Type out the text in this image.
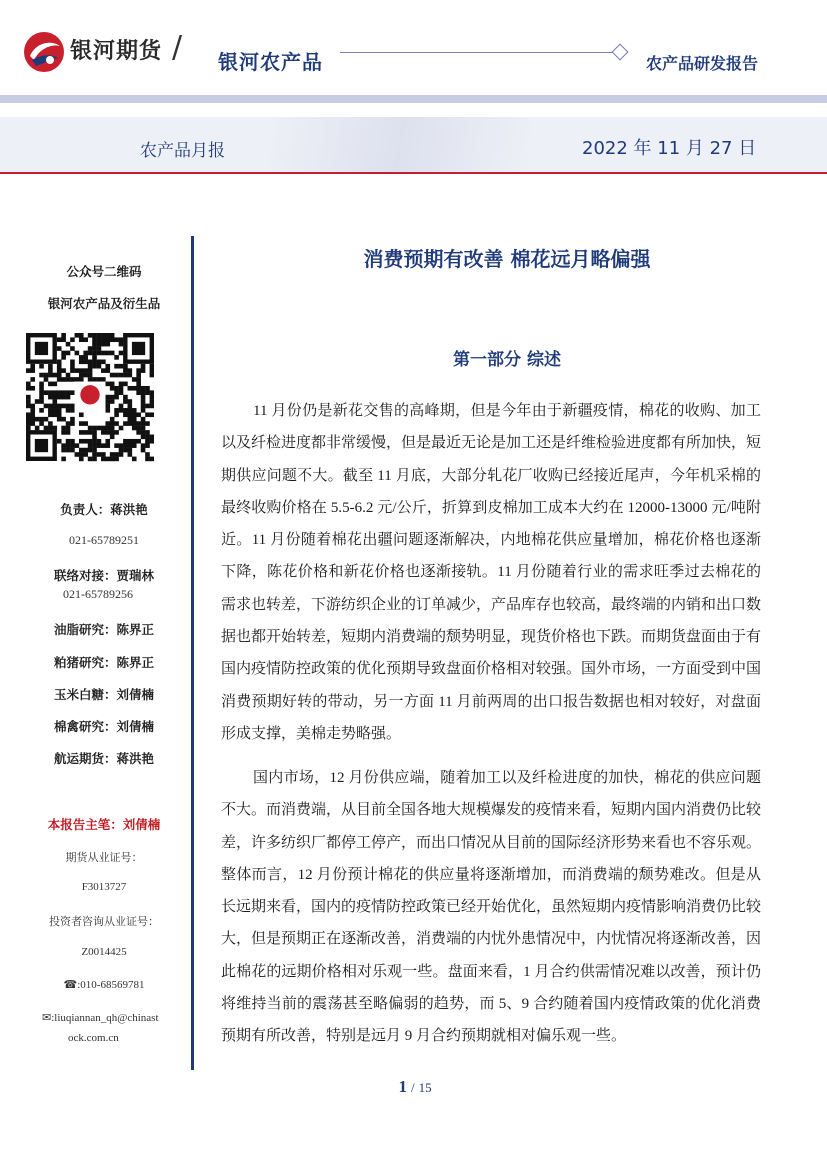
银河期货 / 银河农产品	农产品研发报告
农产品月报	2022 年 11 月 27 日
公众号二维码
银河农产品及衍生品
负责人：蒋洪艳
021-65789251
联络对接：贾瑞林
021-65789256
油脂研究：陈界正
粕猪研究：陈界正
玉米白糖：刘倩楠
棉禽研究：刘倩楠
航运期货：蒋洪艳
本报告主笔：刘倩楠
期货从业证号：
F3013727
投资者咨询从业证号：
Z0014425
☎:010-68569781
✉:liuqiannan_qh@chinast
ock.com.cn
消费预期有改善 棉花远月略偏强
第一部分 综述
11 月份仍是新花交售的高峰期，但是今年由于新疆疫情，棉花的收购、加工以及纤检进度都非常缓慢，但是最近无论是加工还是纤维检验进度都有所加快，短期供应问题不大。截至 11 月底，大部分轧花厂收购已经接近尾声，今年机采棉的最终收购价格在 5.5-6.2 元/公斤，折算到皮棉加工成本大约在 12000-13000 元/吨附近。11 月份随着棉花出疆问题逐渐解决，内地棉花供应量增加，棉花价格也逐渐下降，陈花价格和新花价格也逐渐接轨。11 月份随着行业的需求旺季过去棉花的需求也转差，下游纺织企业的订单减少，产品库存也较高，最终端的内销和出口数据也都开始转差，短期内消费端的颓势明显，现货价格也下跌。而期货盘面由于有国内疫情防控政策的优化预期导致盘面价格相对较强。国外市场，一方面受到中国消费预期好转的带动，另一方面 11 月前两周的出口报告数据也相对较好，对盘面形成支撑，美棉走势略强。
国内市场，12 月份供应端，随着加工以及纤检进度的加快，棉花的供应问题不大。而消费端，从目前全国各地大规模爆发的疫情来看，短期内国内消费仍比较差，许多纺织厂都停工停产，而出口情况从目前的国际经济形势来看也不容乐观。整体而言，12 月份预计棉花的供应量将逐渐增加，而消费端的颓势难改。但是从长远期来看，国内的疫情防控政策已经开始优化，虽然短期内疫情影响消费仍比较大，但是预期正在逐渐改善，消费端的内忧外患情况中，内忧情况将逐渐改善，因此棉花的远期价格相对乐观一些。盘面来看，1 月合约供需情况难以改善，预计仍将维持当前的震荡甚至略偏弱的趋势，而 5、9 合约随着国内疫情政策的优化消费预期有所改善，特别是远月 9 月合约预期就相对偏乐观一些。
1 / 15
